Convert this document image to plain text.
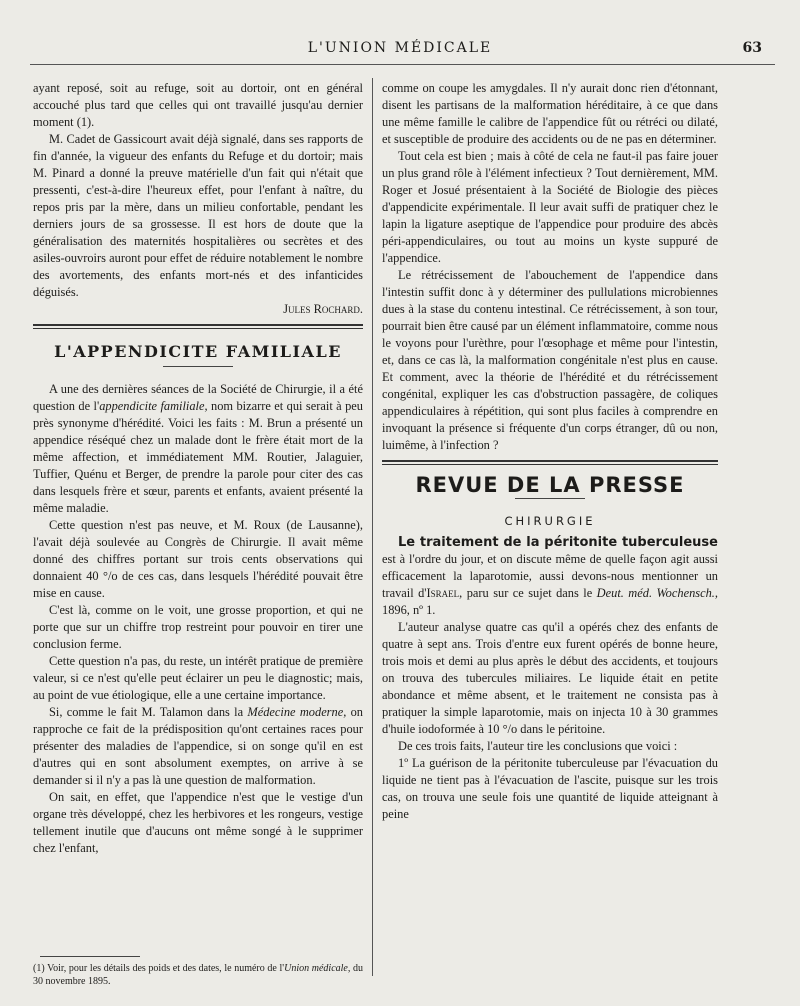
L'UNION MÉDICALE	63

ayant reposé, soit au refuge, soit au dortoir, ont en général accouché plus tard que celles qui ont travaillé jusqu'au dernier moment (1).

M. Cadet de Gassicourt avait déjà signalé, dans ses rapports de fin d'année, la vigueur des enfants du Refuge et du dortoir; mais M. Pinard a donné la preuve matérielle d'un fait qui n'était que pressenti, c'est-à-dire l'heureux effet, pour l'enfant à naître, du repos pris par la mère, dans un milieu confortable, pendant les derniers jours de sa grossesse. Il est hors de doute que la généralisation des maternités hospitalières ou secrètes et des asiles-ouvroirs auront pour effet de réduire notablement le nombre des avortements, des enfants mort-nés et des infanticides déguisés.

Jules Rochard.
L'APPENDICITE FAMILIALE

A une des dernières séances de la Société de Chirurgie, il a été question de l'appendicite familiale, nom bizarre et qui serait à peu près synonyme d'hérédité. Voici les faits : M. Brun a présenté un appendice réséqué chez un malade dont le frère était mort de la même affection, et immédiatement MM. Routier, Jalaguier, Tuffier, Quénu et Berger, de prendre la parole pour citer des cas dans lesquels frère et sœur, parents et enfants, avaient présenté la même maladie.

Cette question n'est pas neuve, et M. Roux (de Lausanne), l'avait déjà soulevée au Congrès de Chirurgie. Il avait même donné des chiffres portant sur trois cents observations qui donnaient 40 °/o de ces cas, dans lesquels l'hérédité pouvait être mise en cause.

C'est là, comme on le voit, une grosse proportion, et qui ne porte que sur un chiffre trop restreint pour pouvoir en tirer une conclusion ferme.

Cette question n'a pas, du reste, un intérêt pratique de première valeur, si ce n'est qu'elle peut éclairer un peu le diagnostic; mais, au point de vue étiologique, elle a une certaine importance.

Si, comme le fait M. Talamon dans la Médecine moderne, on rapproche ce fait de la prédisposition qu'ont certaines races pour présenter des maladies de l'appendice, si on songe qu'il en est d'autres qui en sont absolument exemptes, on arrive à se demander si il n'y a pas là une question de malformation.

On sait, en effet, que l'appendice n'est que le vestige d'un organe très développé, chez les herbivores et les rongeurs, vestige tellement inutile que d'aucuns ont même songé à le supprimer chez l'enfant,

(1) Voir, pour les détails des poids et des dates, le numéro de l'Union médicale, du 30 novembre 1895.

comme on coupe les amygdales. Il n'y aurait donc rien d'étonnant, disent les partisans de la malformation héréditaire, à ce que dans une même famille le calibre de l'appendice fût ou rétréci ou dilaté, et susceptible de produire des accidents ou de ne pas en déterminer.

Tout cela est bien ; mais à côté de cela ne faut-il pas faire jouer un plus grand rôle à l'élément infectieux ? Tout dernièrement, MM. Roger et Josué présentaient à la Société de Biologie des pièces d'appendicite expérimentale. Il leur avait suffi de pratiquer chez le lapin la ligature aseptique de l'appendice pour produire des abcès péri-appendiculaires, ou tout au moins un kyste suppuré de l'appendice.

Le rétrécissement de l'abouchement de l'appendice dans l'intestin suffit donc à y déterminer des pullulations microbiennes dues à la stase du contenu intestinal. Ce rétrécissement, à son tour, pourrait bien être causé par un élément inflammatoire, comme nous le voyons pour l'urèthre, pour l'œsophage et même pour l'intestin, et, dans ce cas là, la malformation congénitale n'est plus en cause. Et comment, avec la théorie de l'hérédité et du rétrécissement congénital, expliquer les cas d'obstruction passagère, de coliques appendiculaires à répétition, qui sont plus faciles à comprendre en invoquant la présence si fréquente d'un corps étranger, dû ou non, luimême, à l'infection ?

REVUE DE LA PRESSE
CHIRURGIE

Le traitement de la péritonite tuberculeuse est à l'ordre du jour, et on discute même de quelle façon agit aussi efficacement la laparotomie, aussi devons-nous mentionner un travail d'Israel, paru sur ce sujet dans le Deut. méd. Wochensch., 1896, nº 1.

L'auteur analyse quatre cas qu'il a opérés chez des enfants de quatre à sept ans. Trois d'entre eux furent opérés de bonne heure, trois mois et demi au plus après le début des accidents, et toujours on trouva des tubercules miliaires. Le liquide était en petite abondance et même absent, et le traitement ne consista pas à pratiquer la simple laparotomie, mais on injecta 10 à 30 grammes d'huile iodoformée à 10 °/o dans le péritoine.

De ces trois faits, l'auteur tire les conclusions que voici :

1º La guérison de la péritonite tuberculeuse par l'évacuation du liquide ne tient pas à l'évacuation de l'ascite, puisque sur les trois cas, on trouva une seule fois une quantité de liquide atteignant à peine
